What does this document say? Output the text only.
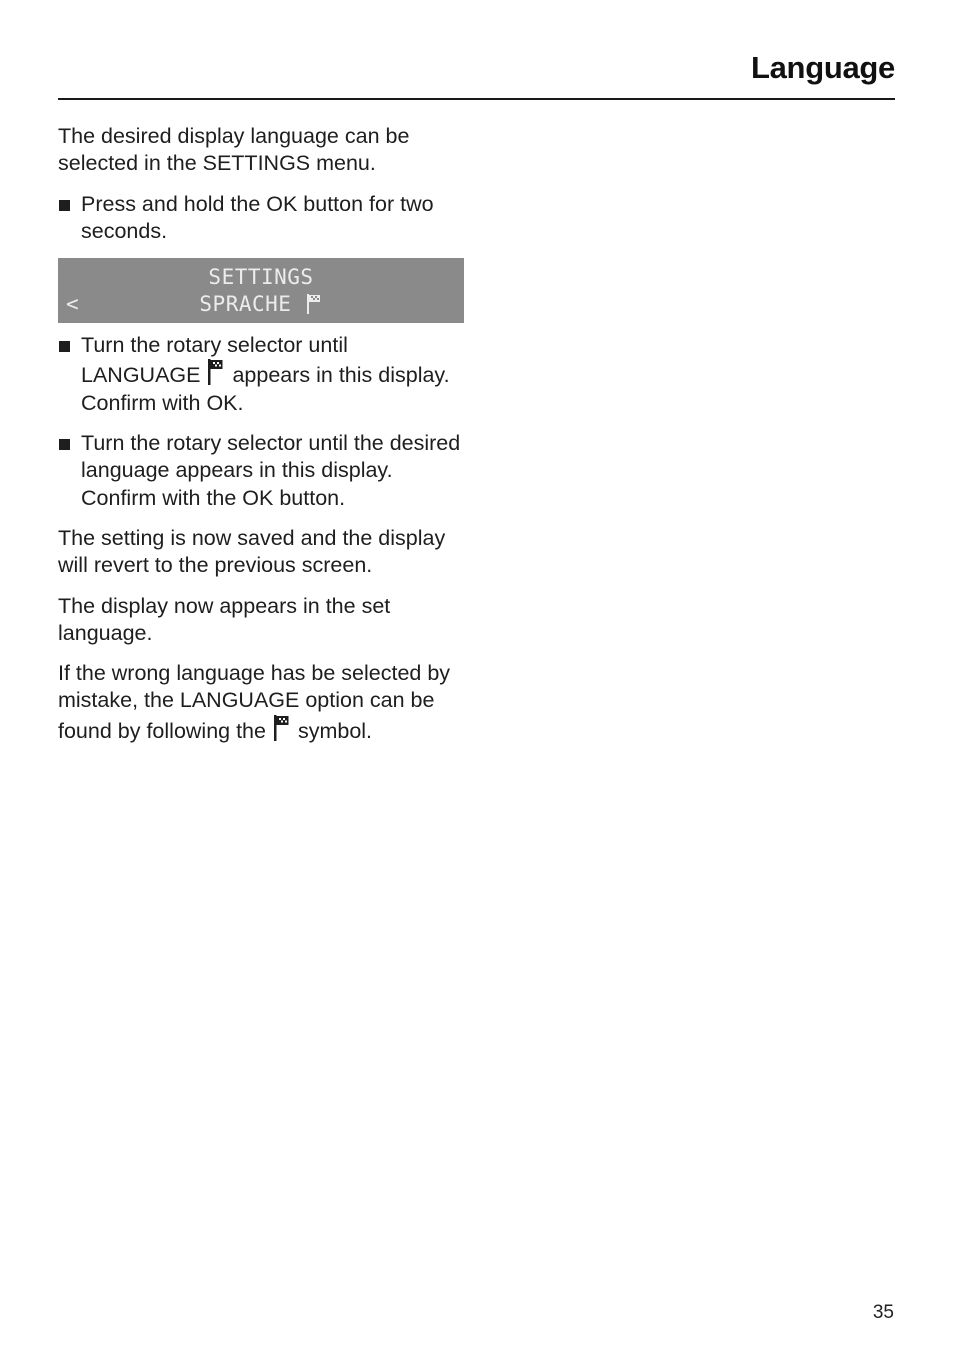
Language

The desired display language can be selected in the SETTINGS menu.

Press and hold the OK button for two seconds.
SETTINGS
<	SPRACHE
Turn the rotary selector until LANGUAGE appears in this display. Confirm with OK.
Turn the rotary selector until the desired language appears in this display. Confirm with the OK button.

The setting is now saved and the display will revert to the previous screen.

The display now appears in the set language.

If the wrong language has be selected by mistake, the LANGUAGE option can be found by following the symbol.

35
